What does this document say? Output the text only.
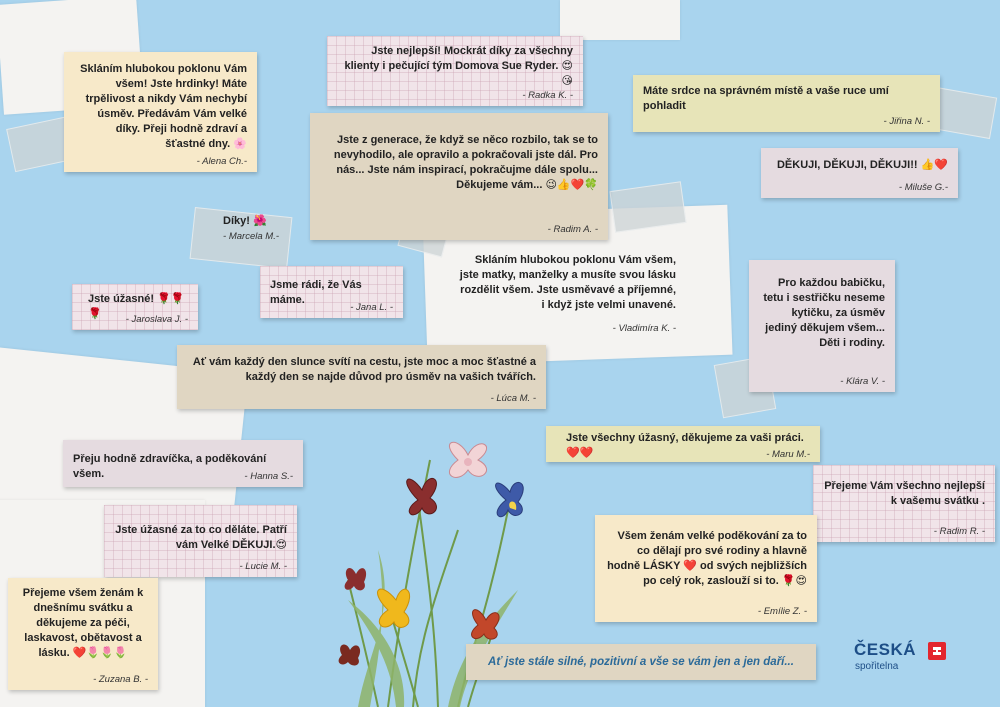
Skláním hlubokou poklonu Vám všem! Jste hrdinky! Máte trpělivost a nikdy Vám nechybí úsměv. Předávám Vám velké díky. Přeji hodně zdraví a šťastné dny. 🌸
- Alena Ch.-
Jste nejlepší! Mockrát díky za všechny klienty i pečující tým Domova Sue Ryder. 😍😘
- Radka K. -	Máte srdce na správném místě a vaše ruce umí pohladit
- Jiřina N. -
Jste z generace, že když se něco rozbilo, tak se to nevyhodilo, ale opravilo a pokračovali jste dál. Pro nás... Jste nám inspirací, pokračujme dále spolu... Děkujeme vám... 😉👍❤️🍀
- Radim A. -
DĚKUJI, DĚKUJI, DĚKUJI!! 👍❤️
- Miluše G.-
Díky! 🌺
- Marcela M.-
Skláním hlubokou poklonu Vám všem, jste matky, manželky a musíte svou lásku rozdělit všem. Jste usměvavé a příjemné, i když jste velmi unavené.
- Vladimíra K. -
Jsme rádi, že Vás máme.
- Jana L. -
Jste úžasné! 🌹🌹🌹	- Jaroslava J. -
Pro každou babičku, tetu i sestřičku neseme kytičku, za úsměv jediný děkujem všem... Děti i rodiny.
- Klára V. -
Ať vám každý den slunce svítí na cestu, jste moc a moc šťastné a každý den se najde důvod pro úsměv na vašich tvářích.
- Lúca M. -
Jste všechny úžasný, děkujeme za vaši práci.❤️❤️	- Maru M.-
Přeju hodně zdravíčka, a poděkování všem.	- Hanna S.-
Přejeme Vám všechno nejlepší k vašemu svátku .
- Radim R. -
Jste úžasné za to co děláte. Patří vám Velké DĚKUJI.😍
- Lucie M. -
Všem ženám velké poděkování za to co dělají pro své rodiny a hlavně hodně LÁSKY ❤️ od svých nejbližších po celý rok, zaslouží si to. 🌹😍
- Emílie Z. -
Přejeme všem ženám k dnešnímu svátku a děkujeme za péči, laskavost, obětavost a lásku. ❤️🌷🌷🌷
- Zuzana B. -
Ať jste stále silné, pozitivní a vše se vám jen a jen daří...
ČESKÁ
spořitelna
